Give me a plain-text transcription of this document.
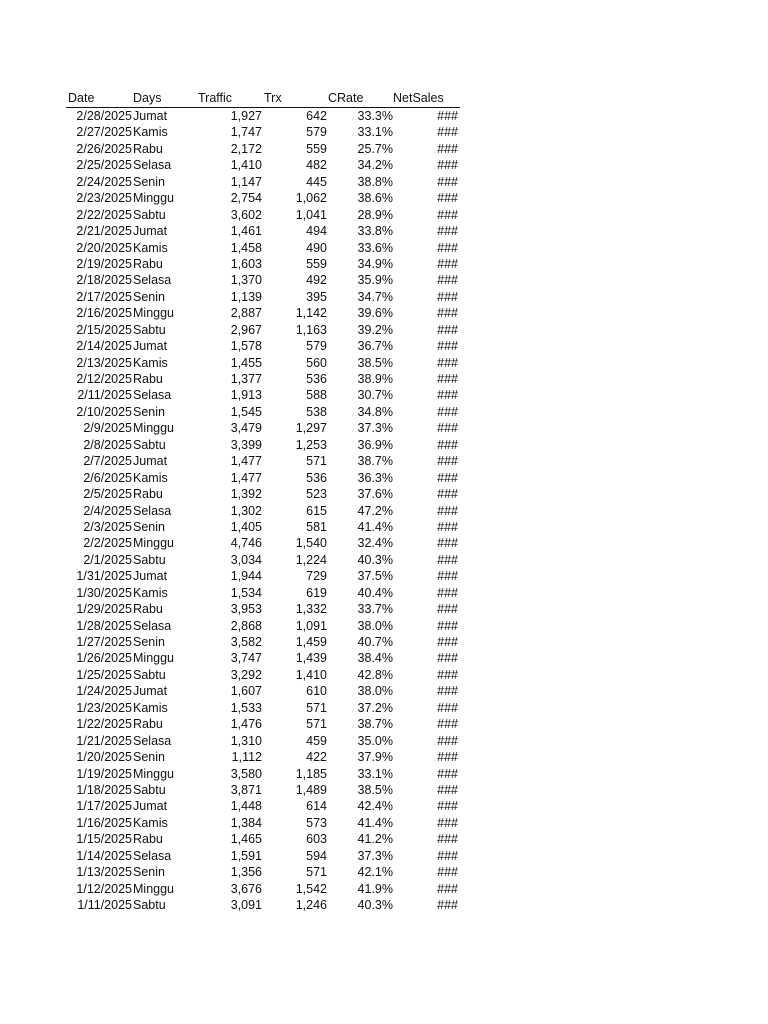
Date	Days	Traffic	Trx	CRate NetSales
2/28/2025 Jumat	1,927	642 33.3%	###
2/27/2025 Kamis	1,747	579 33.1%	###
2/26/2025 Rabu	2,172	559 25.7%	###
2/25/2025 Selasa	1,410	482 34.2%	###
2/24/2025 Senin	1,147	445 38.8%	###
2/23/2025 Minggu	2,754	1,062 38.6%	###
2/22/2025 Sabtu	3,602	1,041 28.9%	###
2/21/2025 Jumat	1,461	494 33.8%	###
2/20/2025 Kamis	1,458	490 33.6%	###
2/19/2025 Rabu	1,603	559 34.9%	###
2/18/2025 Selasa	1,370	492 35.9%	###
2/17/2025 Senin	1,139	395 34.7%	###
2/16/2025 Minggu	2,887	1,142 39.6%	###
2/15/2025 Sabtu	2,967	1,163 39.2%	###
2/14/2025 Jumat	1,578	579 36.7%	###
2/13/2025 Kamis	1,455	560 38.5%	###
2/12/2025 Rabu	1,377	536 38.9%	###
2/11/2025 Selasa	1,913	588 30.7%	###
2/10/2025 Senin	1,545	538 34.8%	###
2/9/2025 Minggu	3,479	1,297 37.3%	###
2/8/2025 Sabtu	3,399	1,253 36.9%	###
2/7/2025 Jumat	1,477	571 38.7%	###
2/6/2025 Kamis	1,477	536 36.3%	###
2/5/2025 Rabu	1,392	523 37.6%	###
2/4/2025 Selasa	1,302	615 47.2%	###
2/3/2025 Senin	1,405	581 41.4%	###
2/2/2025 Minggu	4,746	1,540 32.4%	###
2/1/2025 Sabtu	3,034	1,224 40.3%	###
1/31/2025 Jumat	1,944	729 37.5%	###
1/30/2025 Kamis	1,534	619 40.4%	###
1/29/2025 Rabu	3,953	1,332 33.7%	###
1/28/2025 Selasa	2,868	1,091 38.0%	###
1/27/2025 Senin	3,582	1,459 40.7%	###
1/26/2025 Minggu	3,747	1,439 38.4%	###
1/25/2025 Sabtu	3,292	1,410 42.8%	###
1/24/2025 Jumat	1,607	610 38.0%	###
1/23/2025 Kamis	1,533	571 37.2%	###
1/22/2025 Rabu	1,476	571 38.7%	###
1/21/2025 Selasa	1,310	459 35.0%	###
1/20/2025 Senin	1,112	422 37.9%	###
1/19/2025 Minggu	3,580	1,185 33.1%	###
1/18/2025 Sabtu	3,871	1,489 38.5%	###
1/17/2025 Jumat	1,448	614 42.4%	###
1/16/2025 Kamis	1,384	573 41.4%	###
1/15/2025 Rabu	1,465	603 41.2%	###
1/14/2025 Selasa	1,591	594 37.3%	###
1/13/2025 Senin	1,356	571 42.1%	###
1/12/2025 Minggu	3,676	1,542 41.9%	###
1/11/2025 Sabtu	3,091	1,246 40.3%	###
